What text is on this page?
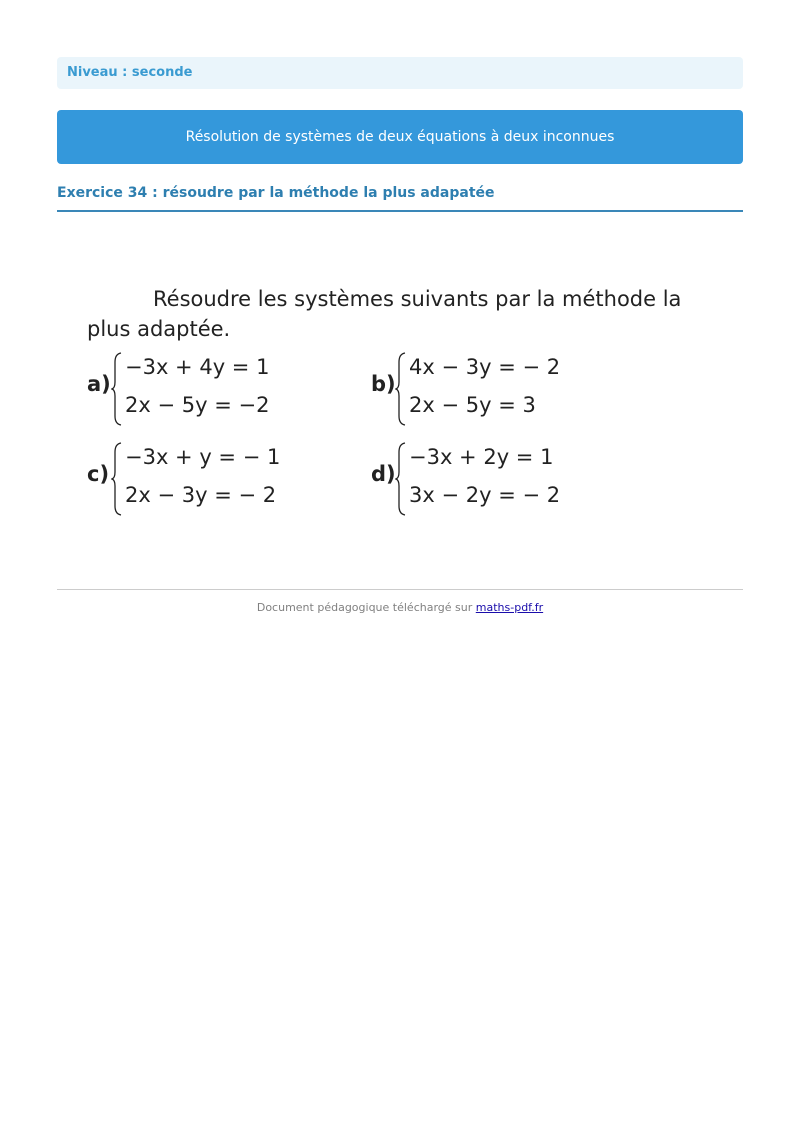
Niveau : seconde
Résolution de systèmes de deux équations à deux inconnues
Exercice 34 : résoudre par la méthode la plus adapatée
Résoudre les systèmes suivants par la méthode la plus adaptée.
a)
−3x + 4y = 1
2x − 5y = −2
b)
4x − 3y = − 2
2x − 5y = 3
c)
−3x + y = − 1
2x − 3y = − 2
d)
−3x + 2y = 1
3x − 2y = − 2
Document pédagogique téléchargé sur maths-pdf.fr
